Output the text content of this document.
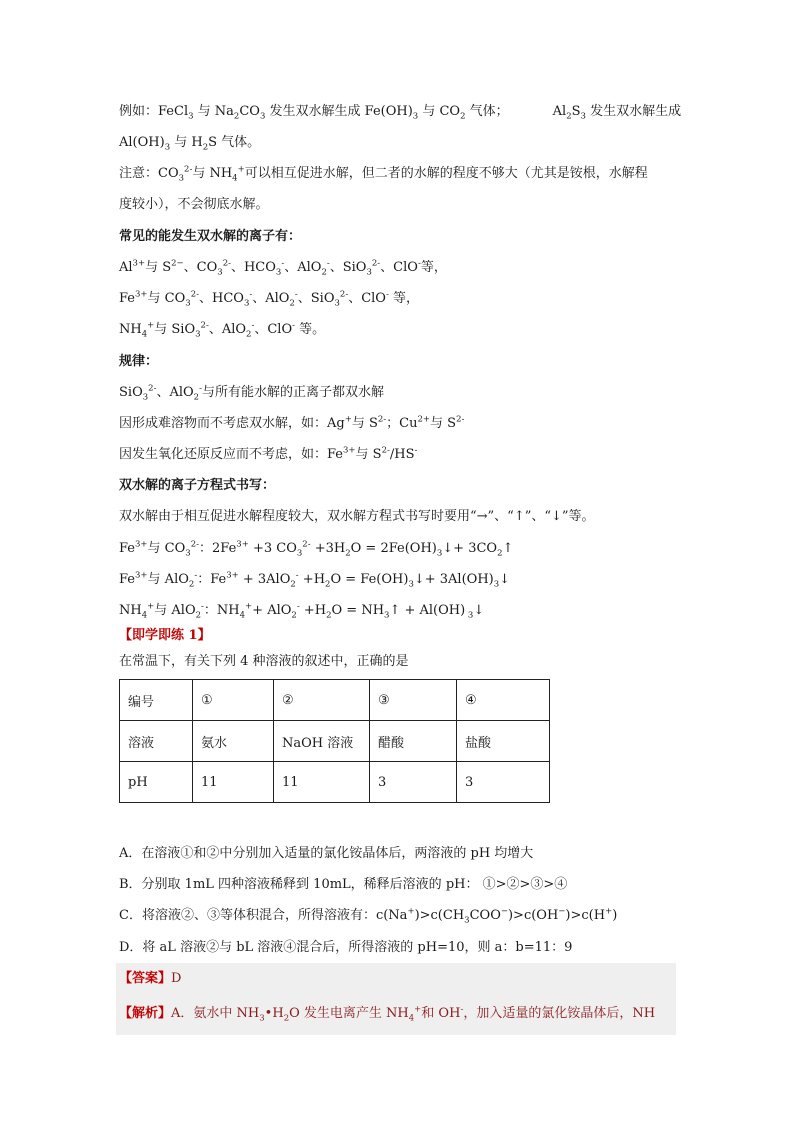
例如：FeCl$_3$ 与 $Na_2CO_3$ 发生双水解生成 $Fe(OH)_3$ 与 $CO_2$ 气体；	$Al_2S_3$ 发生双水解生成
$Al(OH)_3$ 与 $H_2S$ 气体。
注意：$CO_3^{2-}$与 $NH_4^+$可以相互促进水解，但二者的水解的程度不够大（尤其是铵根，水解程
度较小），不会彻底水解。
常见的能发生双水解的离子有：
$Al^{3+}$与 $S^{2-}$、$CO_3^{2-}$、$HCO_3^-$、AlO$_2$-、SiO$_3^{2-}$、ClO-等，
$Fe^{3+}$与 $CO_3^{2-}$、$HCO_3^-$、AlO$_2$-、SiO$_3^{2-}$、ClO- 等，
$NH_4^+$与 SiO$_3^{2-}$、AlO$_2$-、ClO- 等。
规律：
SiO$_3^{2-}$、AlO$_2$-与所有能水解的正离子都双水解
因形成难溶物而不考虑双水解，如：Ag+与 $S^{2-}$；$Cu^{2+}$与 $S^{2-}$
因发生氧化还原反应而不考虑，如：$Fe^{3+}$与 $S^{2-}/HS^-$
双水解的离子方程式书写：
双水解由于相互促进水解程度较大，双水解方程式书写时要用“→”、“↑”、“↓”等。
$Fe^{3+}$与 $CO_3^{2-}$：$2Fe^{3+} +3$ $CO_3^{2-} +3H_2O$ = $2Fe(OH)_3↓+$ $3CO_2↑$
$Fe^{3+}$与 AlO$_2$-：$Fe^{3+} + 3AlO_2^- +H_2O$ = $Fe(OH)_3↓+$ $3Al(OH)_3↓$
$NH_4^+$与 AlO$_2$-：$NH_4^++ AlO_2^- +H_2O$ = $NH_3↑ + Al(OH)$ $_3$↓
【即学即练 1】
在常温下，有关下列 4 种溶液的叙述中，正确的是
编号	①	②	③	④
溶液	氨水	NaOH 溶液	醋酸	盐酸
pH	11	11	3	3
A．在溶液①和②中分别加入适量的氯化铵晶体后，两溶液的 pH 均增大
B．分别取 1mL 四种溶液稀释到 10mL，稀释后溶液的 pH： ①>②>③>④
C．将溶液②、③等体积混合，所得溶液有：$c(Na^+)>c(CH_3COO^-)>c(OH^-)>c(H^+)$
D．将 aL 溶液②与 bL 溶液④混合后，所得溶液的 pH=10，则 a：b=11：9
【答案】D
【解析】A．氨水中 $NH_3•H_2O$ 发生电离产生 $NH_4^+$和 OH-，加入适量的氯化铵晶体后，NH
